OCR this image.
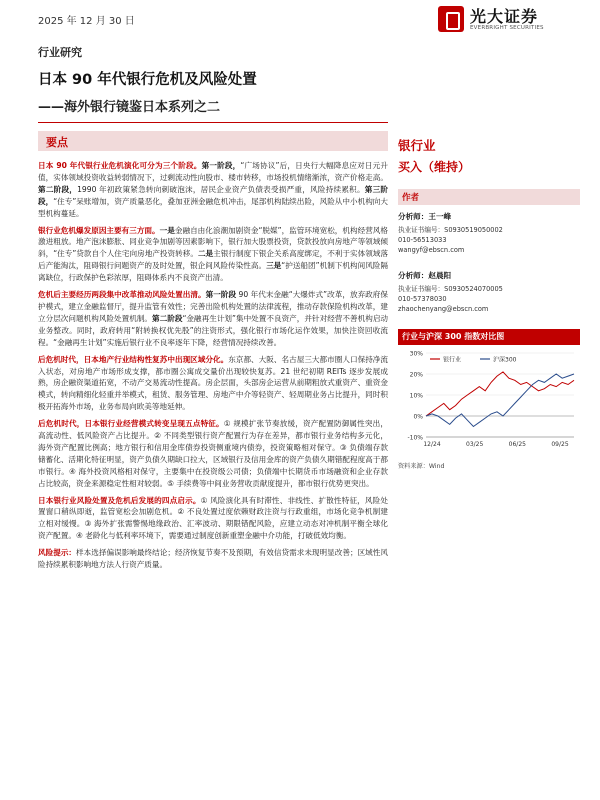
2025 年 12 月 30 日	光大证券
EVERBRIGHT SECURITIES
行业研究
日本 90 年代银行危机及风险处置
——海外银行镜鉴日本系列之二
要点

日本 90 年代银行业危机演化可分为三个阶段。第一阶段，“广场协议”后，日央行大幅降息应对日元升值，实体领域投资收益转弱情况下，过剩流动性向股市、楼市转移，市场投机情绪渐浓，资产价格走高。第二阶段，1990 年初政策紧急转向刺破泡沫，居民企业资产负债表受损严重，风险持续累积。第三阶段，“住专”呆账增加，资产质量恶化，叠加亚洲金融危机冲击，尾部机构陆续出险，风险从中小机构向大型机构蔓延。

银行业危机爆发原因主要有三方面。一是金融自由化浪潮加剧资金“脱媒”，监管环境宽松，机构经营风格激进粗放。地产泡沫膨胀、同业竞争加剧等因素影响下，银行加大股票投资，贷款投放向房地产等领域倾斜，“住专”贷款自个人住宅向房地产投资转移。二是主银行制度下银企关系高度绑定，不利于实体领域落后产能淘汰，阻碍银行问题资产的及时处置，银企间风险传染性高。三是“护送船团”机制下机构间风险隔离缺位，行政保护色彩浓厚，阻碍体系内不良资产出清。

危机后主要经历两段集中改革推动风险处置出清。第一阶段 90 年代末金融“大爆炸式”改革，放弃政府保护模式，建立金融监督厅，提升监管有效性；完善出险机构处置的法律流程，推动存款保险机构改革，建立分层次问题机构风险处置机制。第二阶段“金融再生计划”集中处置不良资产，并针对经营不善机构启动业务整改。同时，政府转用“附转换权优先股”的注资形式，强化银行市场化运作效果，加快注资回收流程。“金融再生计划”实施后银行业不良率逐年下降，经营情况持续改善。

后危机时代，日本地产行业结构性复苏中出现区域分化。东京都、大阪、名古屋三大都市圈人口保持净流入状态，对房地产市场形成支撑，都市圈公寓成交量价出现较快复苏。21 世纪初期 REITs 逐步发展成熟，房企融资渠道拓宽，不动产交易流动性提高。房企层面，头部房企运营从前期粗放式重资产、重资金模式，转向精细化轻重并举模式，租赁、服务管理、房地产中介等轻资产、轻周期业务占比提升，同时积极开拓海外市场，业务布局向欧美等地延伸。

后危机时代，日本银行业经营模式转变呈现五点特征。① 规模扩张节奏放缓，资产配置防御属性突出，高流动性、低风险资产占比提升。② 不同类型银行资产配置行为存在差异，都市银行业务结构多元化，海外资产配置比例高；地方银行和信用金库债券投资侧重境内债券，投资策略相对保守。③ 负债端存款储蓄化、活期化特征明显，资产负债久期缺口拉大，区域银行及信用金库的资产负债久期错配程度高于都市银行。④ 海外投资风格相对保守，主要集中在投资级公司债；负债端中长期货币市场融资和企业存款占比较高，资金来源稳定性相对较弱。⑤ 手续费等中间业务营收贡献度提升，都市银行优势更突出。

日本银行业风险处置及危机后发展的四点启示。① 风险演化具有时滞性、非线性、扩散性特征，风险处置窗口稍纵即逝，监管宽松会加剧危机。② 不良处置过度依赖财政注资与行政重组，市场化竞争机制建立相对缓慢。③ 海外扩张需警惕地缘政治、汇率波动、期限错配风险，应建立动态对冲机制平衡全球化资产配置。④ 老龄化与低利率环境下，需要通过制度创新重塑金融中介功能，打破低效均衡。

风险提示：样本选择偏误影响最终结论；经济恢复节奏不及预期，有效信贷需求未现明显改善；区域性风险持续累积影响地方法人行资产质量。

银行业
买入（维持）
作者
分析师：王一峰
执业证书编号：S0930519050002
010-56513033
wangyf@ebscn.com
分析师：赵晨阳
执业证书编号：S0930524070005
010-57378030
zhaochenyang@ebscn.com
行业与沪深 300 指数对比图
30%
20%
10%
0%
-10%
12/24	03/25	06/25	09/25
银行业	沪深300
资料来源：Wind
